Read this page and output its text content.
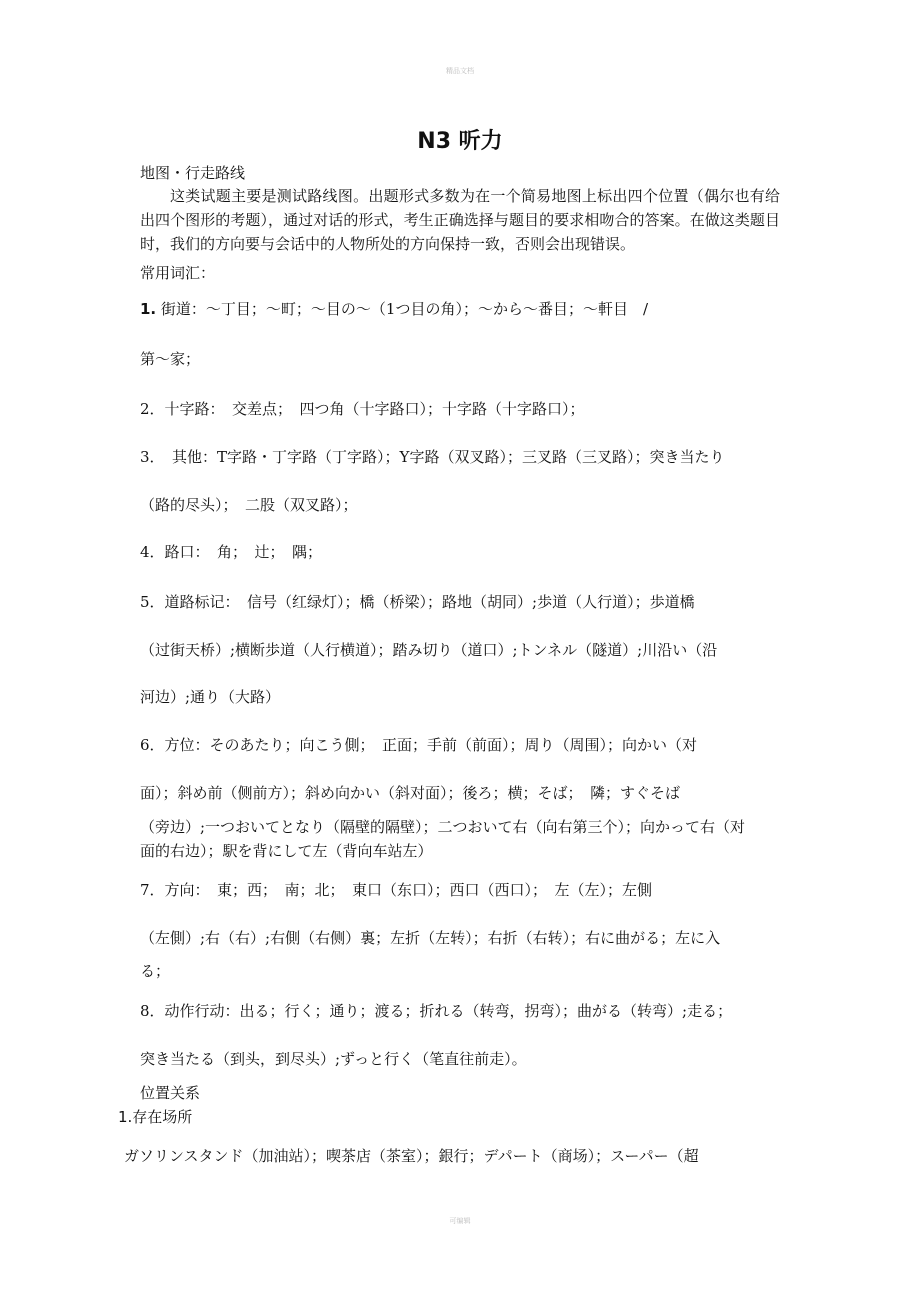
精品文档
N3 听力
地图・行走路线
这类试题主要是测试路线图。出题形式多数为在一个简易地图上标出四个位置（偶尔也有给出四个图形的考题），通过对话的形式，考生正确选择与题目的要求相吻合的答案。在做这类题目时，我们的方向要与会话中的人物所处的方向保持一致，否则会出现错误。
常用词汇：
1. 街道：～丁目；～町；～目の～（1つ目の角）；～から～番目；～軒目　/
第～家；
2．十字路：　交差点；　四つ角（十字路口）；十字路（十字路口）；
3．　其他：T字路・丁字路（丁字路）；Y字路（双叉路）；三叉路（三叉路）；突き当たり
（路的尽头）；　二股（双叉路）；
4．路口：　角；　辻；　隅；
5．道路标记：　信号（红绿灯）；橋（桥梁）；路地（胡同）;歩道（人行道）；歩道橋
（过街天桥）;横断歩道（人行横道）；踏み切り（道口）;トンネル（隧道）;川沿い（沿
河边）;通り（大路）
6．方位：そのあたり；向こう側；　正面；手前（前面）；周り（周围）；向かい（对
面）；斜め前（侧前方）；斜め向かい（斜对面）；後ろ；横；そば；　隣；すぐそば
（旁边）;一つおいてとなり（隔壁的隔壁）；二つおいて右（向右第三个）；向かって右（对
面的右边）；駅を背にして左（背向车站左）
7．方向：　東；西；　南；北；　東口（东口）；西口（西口）；　左（左）；左側
（左側）;右（右）;右側（右侧）裏；左折（左转）；右折（右转）；右に曲がる；左に入
る；
8．动作行动：出る；行く；通り；渡る；折れる（转弯，拐弯）；曲がる（转弯）;走る；
突き当たる（到头，到尽头）;ずっと行く（笔直往前走）。
位置关系
1.存在场所
ガソリンスタンド（加油站）；喫茶店（茶室）；銀行；デパート（商场）；スーパー（超
可编辑
